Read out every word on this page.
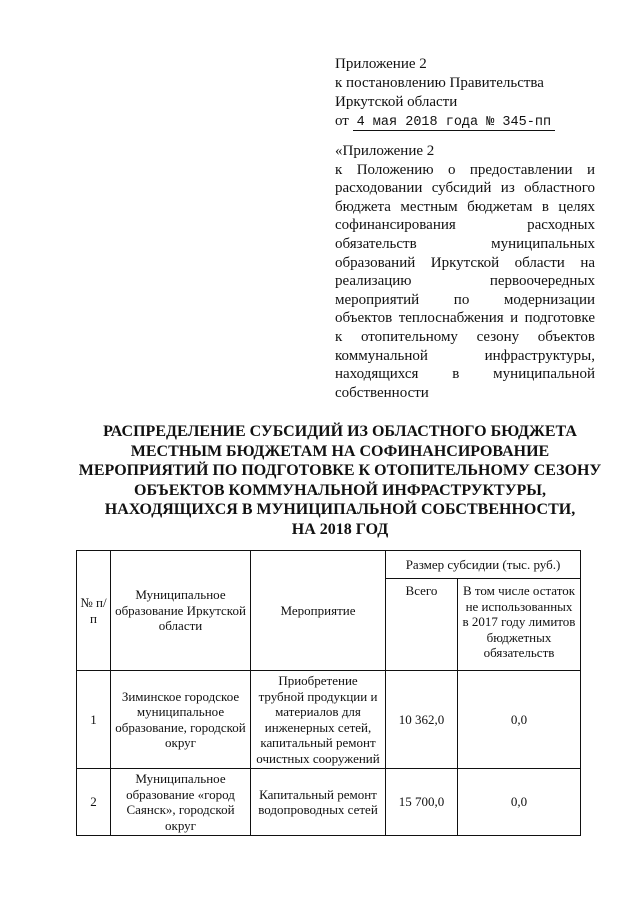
Приложение 2
к постановлению Правительства
Иркутской области
от 4 мая 2018 года № 345-пп
«Приложение 2
к Положению о предоставлении и
расходовании субсидий из областного
бюджета местным бюджетам в целях
софинансирования расходных
обязательств муниципальных
образований Иркутской области на
реализацию первоочередных
мероприятий по модернизации
объектов теплоснабжения и подготовке
к отопительному сезону объектов
коммунальной инфраструктуры,
находящихся в муниципальной
собственности
РАСПРЕДЕЛЕНИЕ СУБСИДИЙ ИЗ ОБЛАСТНОГО БЮДЖЕТА
МЕСТНЫМ БЮДЖЕТАМ НА СОФИНАНСИРОВАНИЕ
МЕРОПРИЯТИЙ ПО ПОДГОТОВКЕ К ОТОПИТЕЛЬНОМУ СЕЗОНУ
ОБЪЕКТОВ КОММУНАЛЬНОЙ ИНФРАСТРУКТУРЫ,
НАХОДЯЩИХСЯ В МУНИЦИПАЛЬНОЙ СОБСТВЕННОСТИ,
НА 2018 ГОД
№ п/п	Муниципальное образование Иркутской области	Мероприятие	Размер субсидии (тыс. руб.)	
			Всего	В том числе остаток не использованных в 2017 году лимитов бюджетных обязательств
1	Зиминское городское муниципальное образование, городской округ	Приобретение трубной продукции и материалов для инженерных сетей, капитальный ремонт очистных сооружений	10 362,0	0,0
2	Муниципальное образование «город Саянск», городской округ	Капитальный ремонт водопроводных сетей	15 700,0	0,0
